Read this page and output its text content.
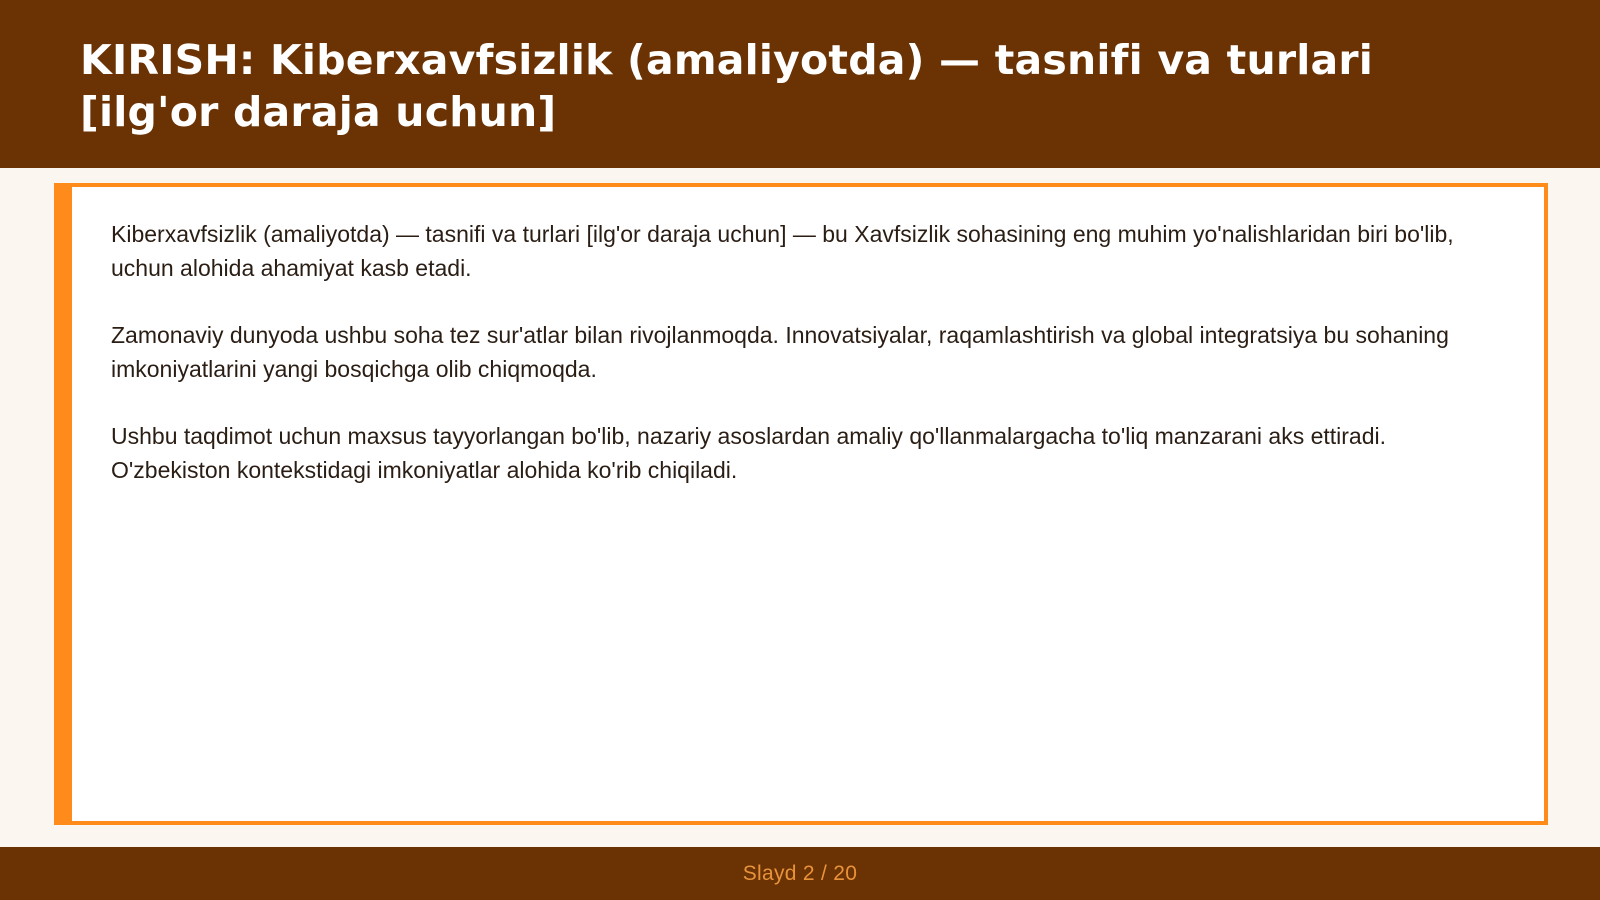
KIRISH: Kiberxavfsizlik (amaliyotda) — tasnifi va turlari [ilg'or daraja uchun]

Kiberxavfsizlik (amaliyotda) — tasnifi va turlari [ilg'or daraja uchun] — bu Xavfsizlik sohasining eng muhim yo'nalishlaridan biri bo'lib, uchun alohida ahamiyat kasb etadi.

Zamonaviy dunyoda ushbu soha tez sur'atlar bilan rivojlanmoqda. Innovatsiyalar, raqamlashtirish va global integratsiya bu sohaning imkoniyatlarini yangi bosqichga olib chiqmoqda.

Ushbu taqdimot uchun maxsus tayyorlangan bo'lib, nazariy asoslardan amaliy qo'llanmalargacha to'liq manzarani aks ettiradi. O'zbekiston kontekstidagi imkoniyatlar alohida ko'rib chiqiladi.

Slayd 2 / 20
